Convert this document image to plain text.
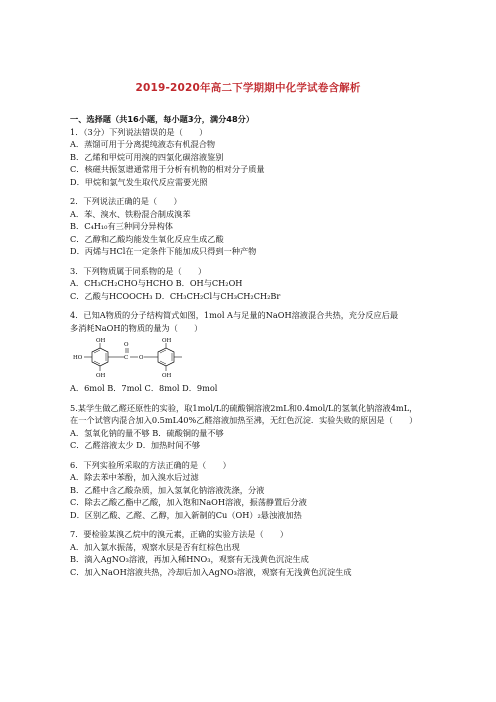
2019-2020年高二下学期期中化学试卷含解析
一、选择题（共16小题，每小题3分，满分48分）
1．（3分）下列说法错误的是（　　）
A．蒸馏可用于分离提纯液态有机混合物
B．乙烯和甲烷可用溴的四氯化碳溶液鉴别
C．核磁共振氢谱通常用于分析有机物的相对分子质量
D．甲烷和氯气发生取代反应需要光照
2．下列说法正确的是（　　）
A．苯、溴水、铁粉混合制成溴苯
B．C₄H₁₀有三种同分异构体
C．乙醇和乙酸均能发生氧化反应生成乙酸
D．丙烯与HCl在一定条件下能加成只得到一种产物
3．下列物质属于同系物的是（　　）
A．CH₃CH₂CHO与HCHO B．OH与CH₂OH
C．乙酸与HCOOCH₃ D．CH₃CH₂Cl与CH₃CH₂CH₂Br
4．已知A物质的分子结构简式如图，1mol A与足量的NaOH溶液混合共热，充分反应后最
多消耗NaOH的物质的量为（　　）
OH
HO
OH
O
C O
OH
OH
A．6mol B．7mol C．8mol D．9mol
5.某学生做乙醛还原性的实验，取1mol/L的硫酸铜溶液2mL和0.4mol/L的氢氧化钠溶液4mL，
在一个试管内混合加入0.5mL40%乙醛溶液加热至沸，无红色沉淀．实验失败的原因是（　　）
A．氢氧化钠的量不够 B．硫酸铜的量不够
C．乙醛溶液太少 D．加热时间不够
6．下列实验所采取的方法正确的是（　　）
A．除去苯中苯酚，加入溴水后过滤
B．乙醛中含乙酸杂质，加入氢氧化钠溶液洗涤，分液
C．除去乙酸乙酯中乙酸，加入饱和NaOH溶液，振荡静置后分液
D．区别乙酸、乙醛、乙醇，加入新制的Cu（OH）₂悬浊液加热
7．要检验某溴乙烷中的溴元素，正确的实验方法是（　　）
A．加入氯水振荡，观察水层是否有红棕色出现
B．滴入AgNO₃溶液，再加入稀HNO₃，观察有无浅黄色沉淀生成
C．加入NaOH溶液共热，冷却后加入AgNO₃溶液，观察有无浅黄色沉淀生成
